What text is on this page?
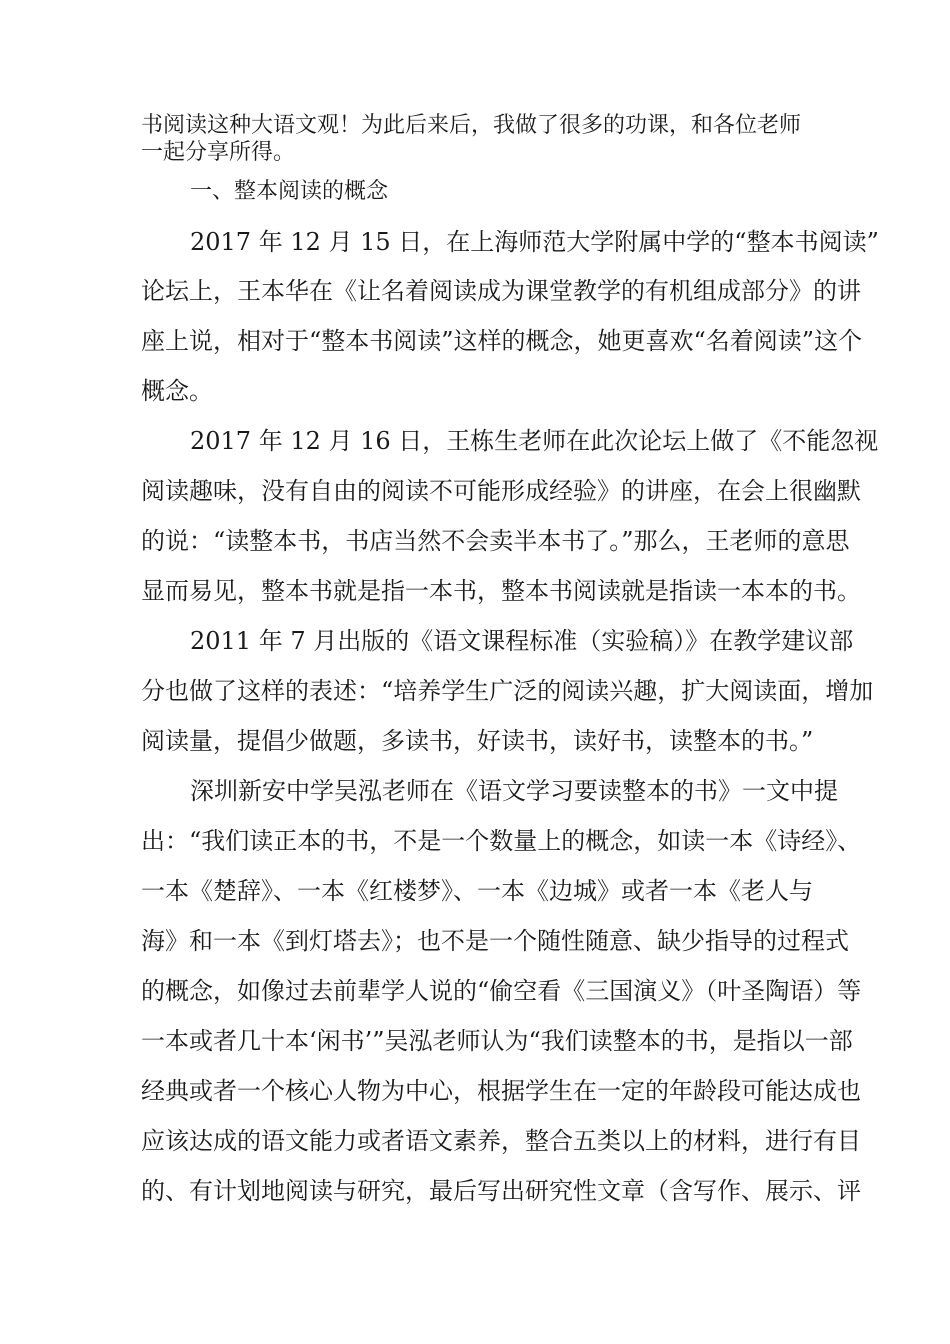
书阅读这种大语文观！为此后来后，我做了很多的功课，和各位老师
一起分享所得。
一、整本阅读的概念
2017 年 12 月 15 日，在上海师范大学附属中学的“整本书阅读”
论坛上，王本华在《让名着阅读成为课堂教学的有机组成部分》的讲
座上说，相对于“整本书阅读”这样的概念，她更喜欢“名着阅读”这个
概念。
2017 年 12 月 16 日，王栋生老师在此次论坛上做了《不能忽视
阅读趣味，没有自由的阅读不可能形成经验》的讲座，在会上很幽默
的说：“读整本书，书店当然不会卖半本书了。”那么，王老师的意思
显而易见，整本书就是指一本书，整本书阅读就是指读一本本的书。
2011 年 7 月出版的《语文课程标准（实验稿）》在教学建议部
分也做了这样的表述：“培养学生广泛的阅读兴趣，扩大阅读面，增加
阅读量，提倡少做题，多读书，好读书，读好书，读整本的书。”
深圳新安中学吴泓老师在《语文学习要读整本的书》一文中提
出：“我们读正本的书，不是一个数量上的概念，如读一本《诗经》、
一本《楚辞》、一本《红楼梦》、一本《边城》或者一本《老人与
海》和一本《到灯塔去》；也不是一个随性随意、缺少指导的过程式
的概念，如像过去前辈学人说的“偷空看《三国演义》（叶圣陶语）等
一本或者几十本‘闲书’”吴泓老师认为“我们读整本的书，是指以一部
经典或者一个核心人物为中心，根据学生在一定的年龄段可能达成也
应该达成的语文能力或者语文素养，整合五类以上的材料，进行有目
的、有计划地阅读与研究，最后写出研究性文章（含写作、展示、评
